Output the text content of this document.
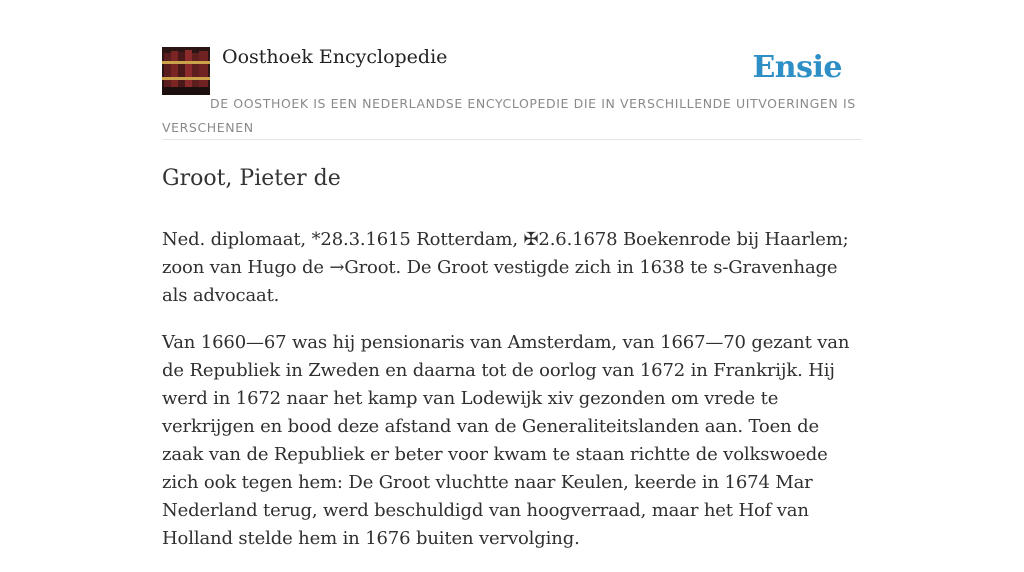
Oosthoek Encyclopedie	Ensie

DE OOSTHOEK IS EEN NEDERLANDSE ENCYCLOPEDIE DIE IN VERSCHILLENDE UITVOERINGEN IS VERSCHENEN

Groot, Pieter de

Ned. diplomaat, *28.3.1615 Rotterdam, ✠2.6.1678 Boekenrode bij Haarlem; zoon van Hugo de →Groot. De Groot vestigde zich in 1638 te s-Gravenhage als advocaat.

Van 1660—67 was hij pensionaris van Amsterdam, van 1667—70 gezant van de Republiek in Zweden en daarna tot de oorlog van 1672 in Frankrijk. Hij werd in 1672 naar het kamp van Lodewijk xiv gezonden om vrede te verkrijgen en bood deze afstand van de Generaliteitslanden aan. Toen de zaak van de Republiek er beter voor kwam te staan richtte de volkswoede zich ook tegen hem: De Groot vluchtte naar Keulen, keerde in 1674 Mar Nederland terug, werd beschuldigd van hoogverraad, maar het Hof van Holland stelde hem in 1676 buiten vervolging.
